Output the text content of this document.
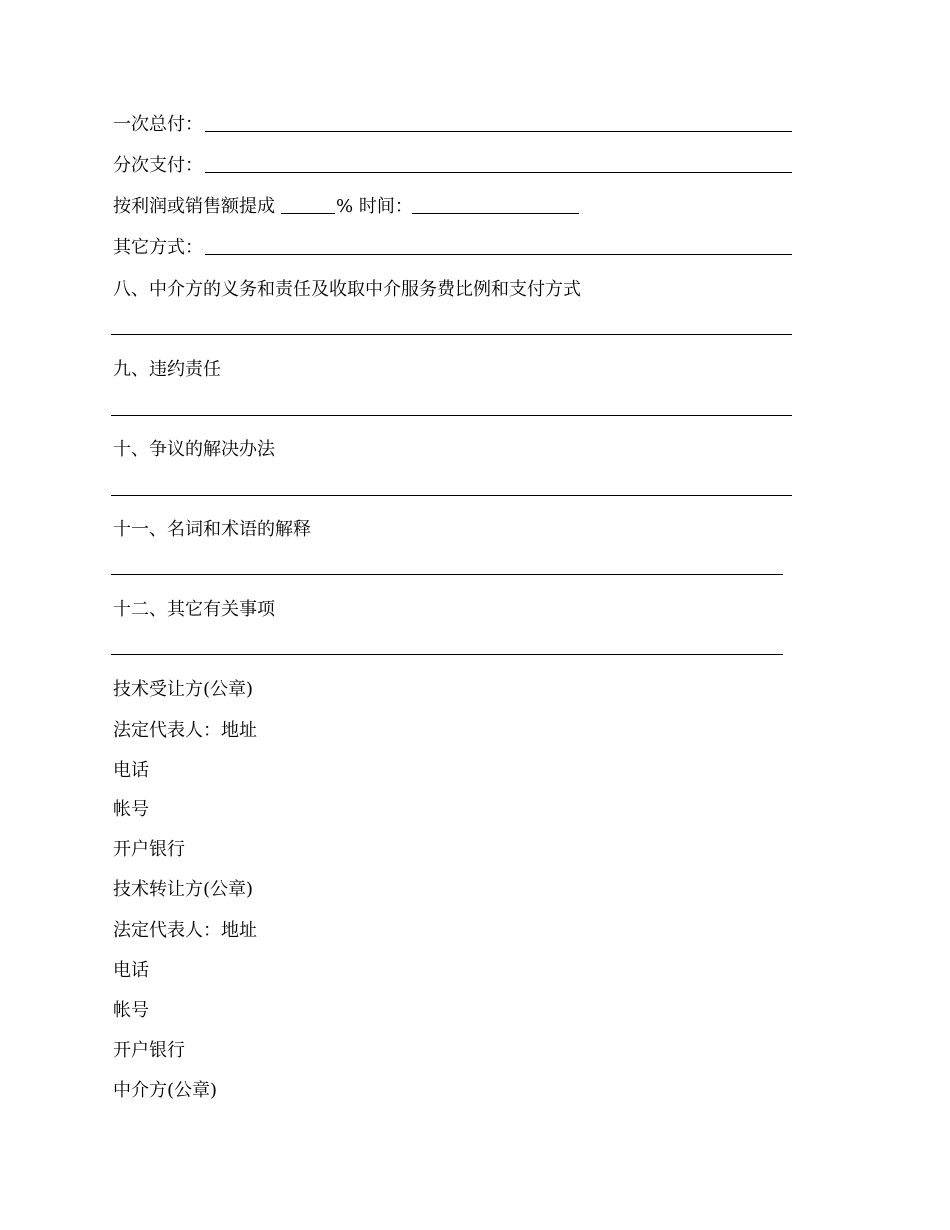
一次总付：
分次支付：
按利润或销售额提成	% 时间：
其它方式：
八、中介方的义务和责任及收取中介服务费比例和支付方式
九、违约责任
十、争议的解决办法
十一、名词和术语的解释
十二、其它有关事项
技术受让方(公章)
法定代表人：地址
电话
帐号
开户银行
技术转让方(公章)
法定代表人：地址
电话
帐号
开户银行
中介方(公章)
